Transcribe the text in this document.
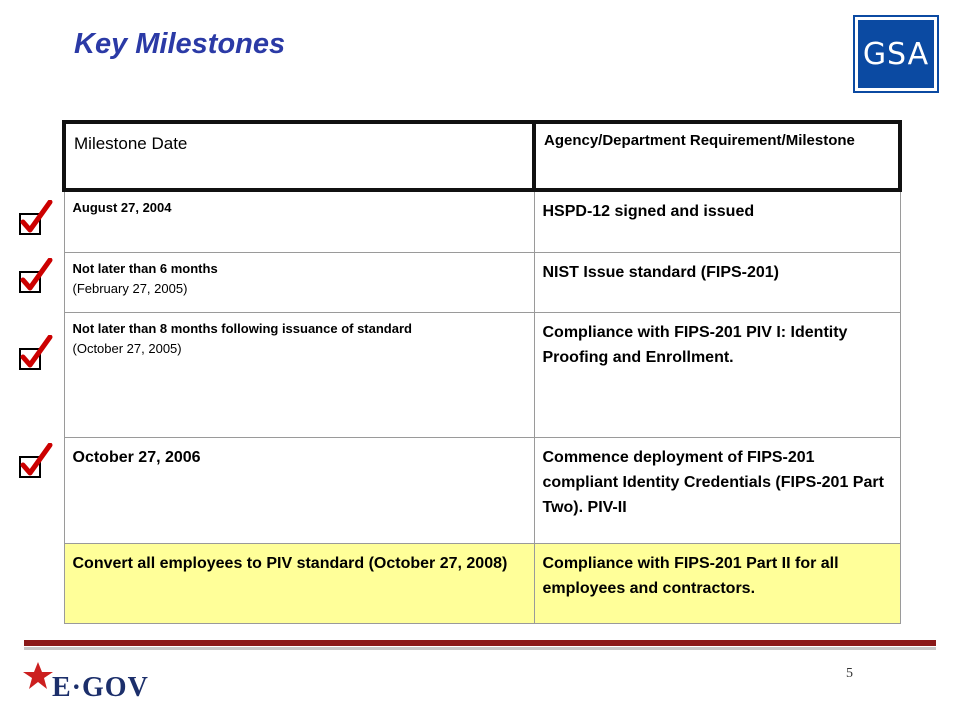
Key Milestones	GSA
Milestone Date	Agency/Department Requirement/Milestone

August 27, 2004	HSPD-12 signed and issued

Not later than 6 months
(February 27, 2005)	NIST Issue standard (FIPS-201)

Not later than 8 months following issuance of standard
(October 27, 2005)	Compliance with FIPS-201 PIV I: Identity Proofing and Enrollment.

October 27, 2006	Commence deployment of FIPS-201 compliant Identity Credentials (FIPS-201 Part Two). PIV-II

Convert all employees to PIV standard (October 27, 2008)	Compliance with FIPS-201 Part II for all employees and contractors.
E·GOV	5
